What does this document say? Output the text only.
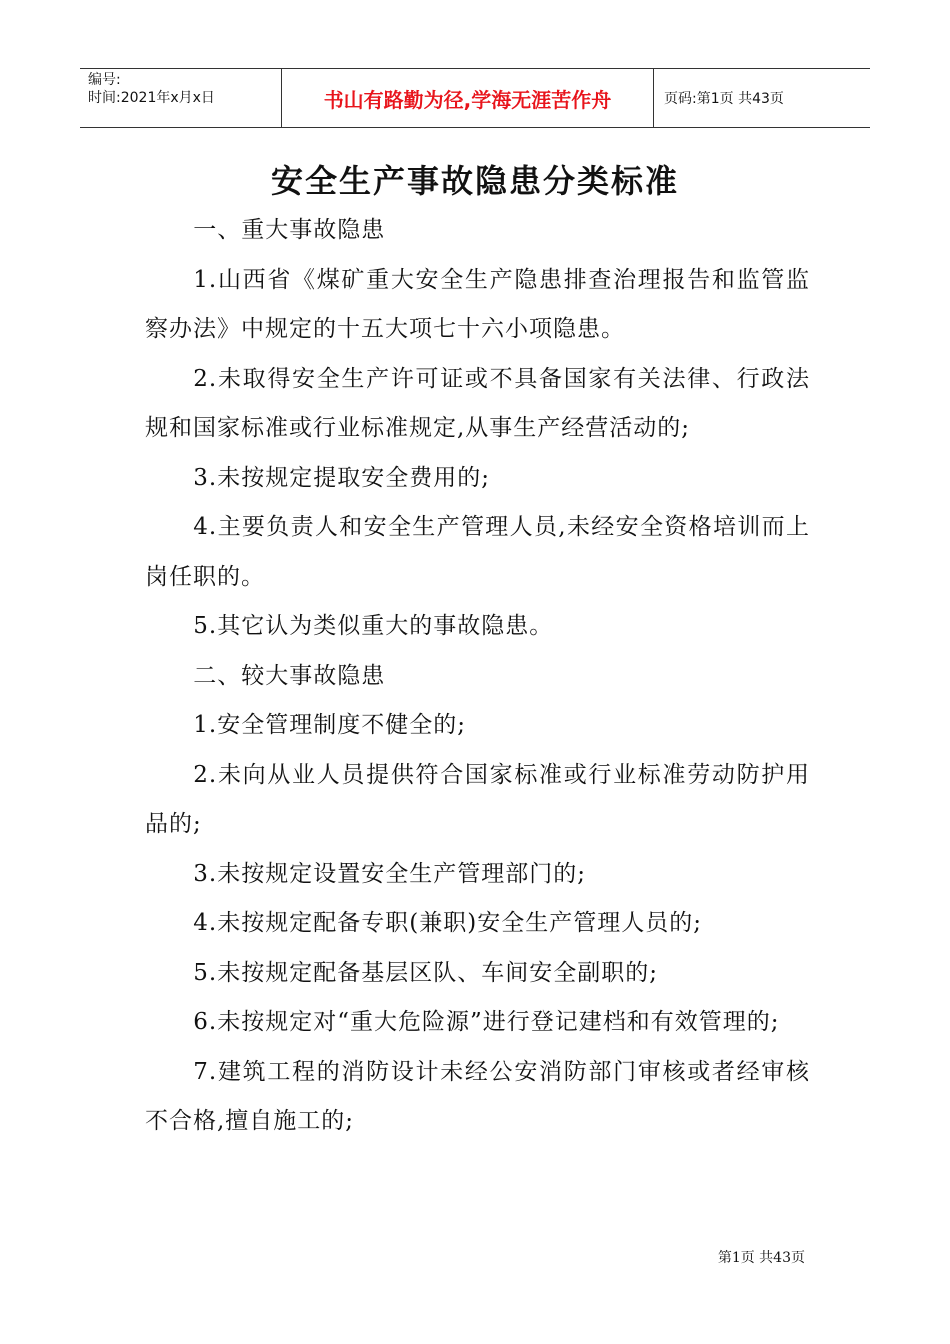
编号:
时间:2021年x月x日	书山有路勤为径,学海无涯苦作舟	页码:第1页 共43页
安全生产事故隐患分类标准

一、重大事故隐患

1.山西省《煤矿重大安全生产隐患排查治理报告和监管监察办法》中规定的十五大项七十六小项隐患。

2.未取得安全生产许可证或不具备国家有关法律、行政法规和国家标准或行业标准规定,从事生产经营活动的;

3.未按规定提取安全费用的;

4.主要负责人和安全生产管理人员,未经安全资格培训而上岗任职的。

5.其它认为类似重大的事故隐患。

二、较大事故隐患

1.安全管理制度不健全的;

2.未向从业人员提供符合国家标准或行业标准劳动防护用品的;

3.未按规定设置安全生产管理部门的;

4.未按规定配备专职(兼职)安全生产管理人员的;

5.未按规定配备基层区队、车间安全副职的;

6.未按规定对“重大危险源”进行登记建档和有效管理的;

7.建筑工程的消防设计未经公安消防部门审核或者经审核不合格,擅自施工的;

第1页 共43页
